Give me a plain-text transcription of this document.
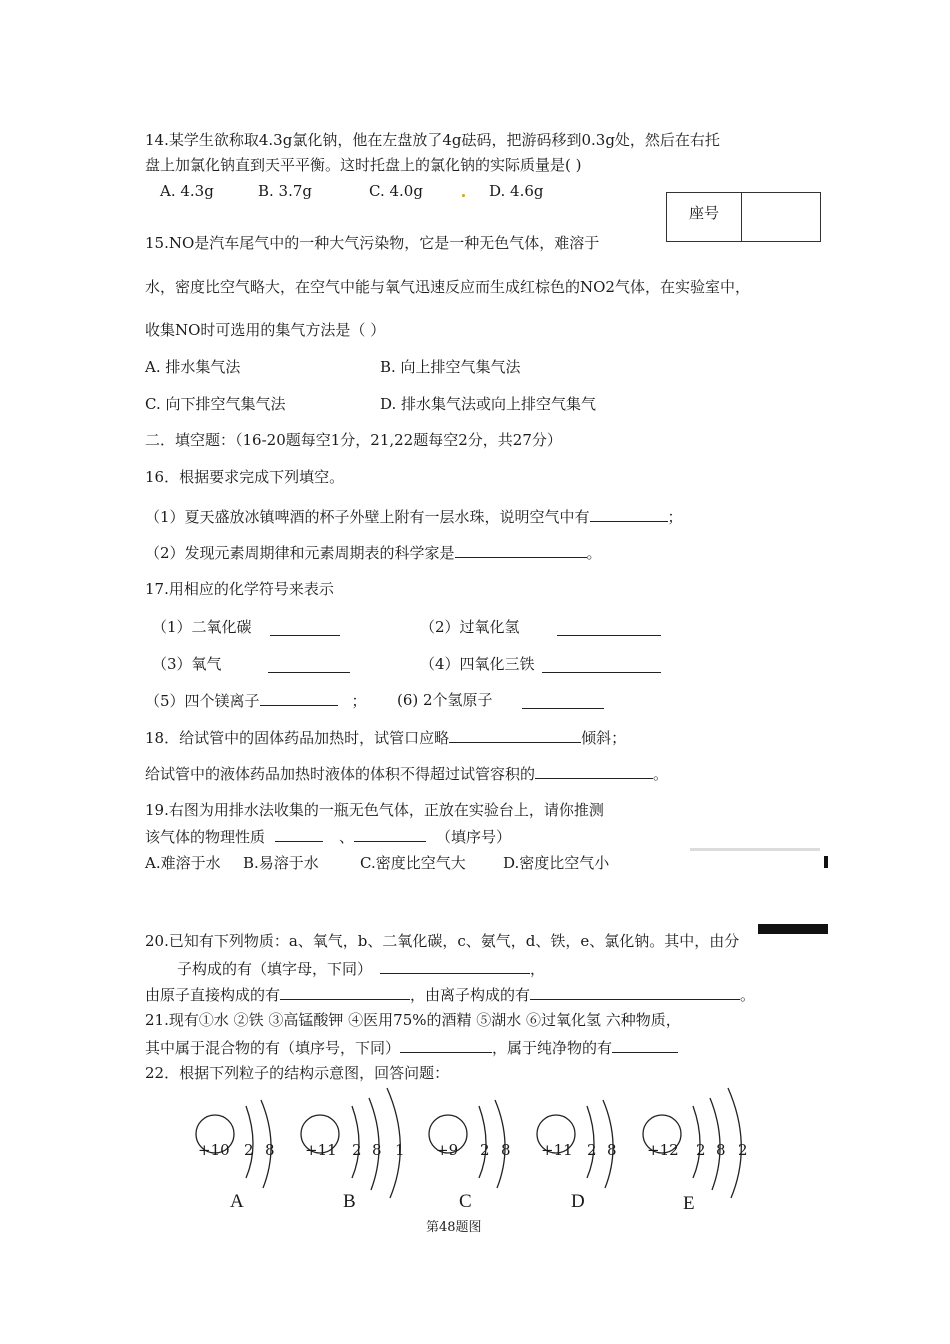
14.某学生欲称取4.3g氯化钠，他在左盘放了4g砝码，把游码移到0.3g处，然后在右托
盘上加氯化钠直到天平平衡。这时托盘上的氯化钠的实际质量是( )
A. 4.3g	B. 3.7g	C. 4.0g	D. 4.6g
座号
15.NO是汽车尾气中的一种大气污染物，它是一种无色气体，难溶于
水，密度比空气略大，在空气中能与氧气迅速反应而生成红棕色的NO2气体，在实验室中，
收集NO时可选用的集气方法是（ ）
A. 排水集气法	B. 向上排空气集气法
C. 向下排空气集气法	D. 排水集气法或向上排空气集气
二．填空题：（16-20题每空1分，21,22题每空2分，共27分）
16．根据要求完成下列填空。
（1）夏天盛放冰镇啤酒的杯子外壁上附有一层水珠，说明空气中有	；
（2）发现元素周期律和元素周期表的科学家是	。
17.用相应的化学符号来表示
（1）二氧化碳	（2）过氧化氢
（3）氧气	（4）四氧化三铁
（5）四个镁离子	； (6) 2个氢原子
18．给试管中的固体药品加热时，试管口应略	倾斜；
给试管中的液体药品加热时液体的体积不得超过试管容积的	。
19.右图为用排水法收集的一瓶无色气体，正放在实验台上，请你推测
该气体的物理性质	、	（填序号）
A.难溶于水 B.易溶于水	C.密度比空气大 D.密度比空气小
20.已知有下列物质：a、氧气，b、二氧化碳，c、氨气，d、铁，e、氯化钠。其中，由分
子构成的有（填字母，下同）	，
由原子直接构成的有	，由离子构成的有	。
21.现有①水 ②铁 ③高锰酸钾 ④医用75%的酒精 ⑤湖水 ⑥过氧化氢 六种物质，
其中属于混合物的有（填序号，下同）	，属于纯净物的有
22．根据下列粒子的结构示意图，回答问题：
+10 2 8
A
+11 2 8 1
B
+9 2 8
C
+11 2 8
D
+12 2 8 2
E
第48题图
